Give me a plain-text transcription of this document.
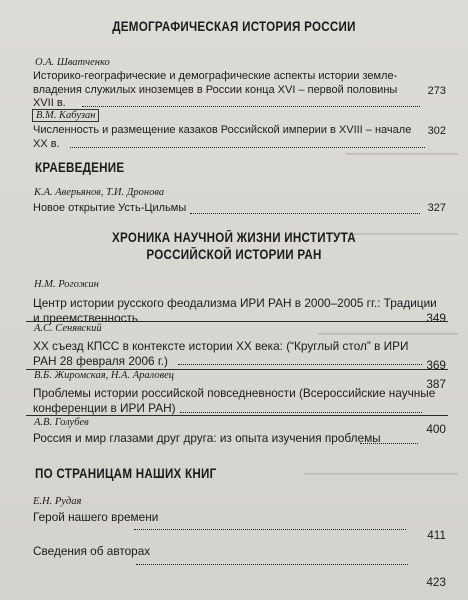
▬▬▬▬▬▬▬▬▬▬▬▬▬▬▬▬
▬▬▬▬▬▬▬▬▬▬▬▬▬▬▬▬▬▬
▬▬▬▬▬▬▬▬▬▬▬▬▬▬▬▬▬▬▬▬
▬▬▬▬▬▬▬▬▬▬▬▬▬▬▬▬▬▬▬▬▬▬
ДЕМОГРАФИЧЕСКАЯ ИСТОРИЯ РОССИИ
О.А. Шватченко
Историко-географические и демографические аспекты истории земле-
владения служилых иноземцев в России конца XVI – первой половины
XVII в.
273
В.М. Кабузан
Численность и размещение казаков Российской империи в XVIII – начале
XX в.
302
КРАЕВЕДЕНИЕ
К.А. Аверьянов, Т.И. Дронова
Новое открытие Усть-Цильмы	327
ХРОНИКА НАУЧНОЙ ЖИЗНИ ИНСТИТУТА
РОССИЙСКОЙ ИСТОРИИ РАН
Н.М. Рогожин
Центр истории русского феодализма ИРИ РАН в 2000–2005 гг.: Традиции
и преемственность	349
А.С. Сенявский
XX съезд КПСС в контексте истории XX века: (“Круглый стол” в ИРИ
РАН 28 февраля 2006 г.)	369
В.Б. Жиромская, Н.А. Араловец
Проблемы истории российской повседневности (Всероссийские научные
конференции в ИРИ РАН)
387
А.В. Голубев
Россия и мир глазами друг друга: из опыта изучения проблемы
400
ПО СТРАНИЦАМ НАШИХ КНИГ
Е.Н. Рудая
Герой нашего времени
411
Сведения об авторах
423
